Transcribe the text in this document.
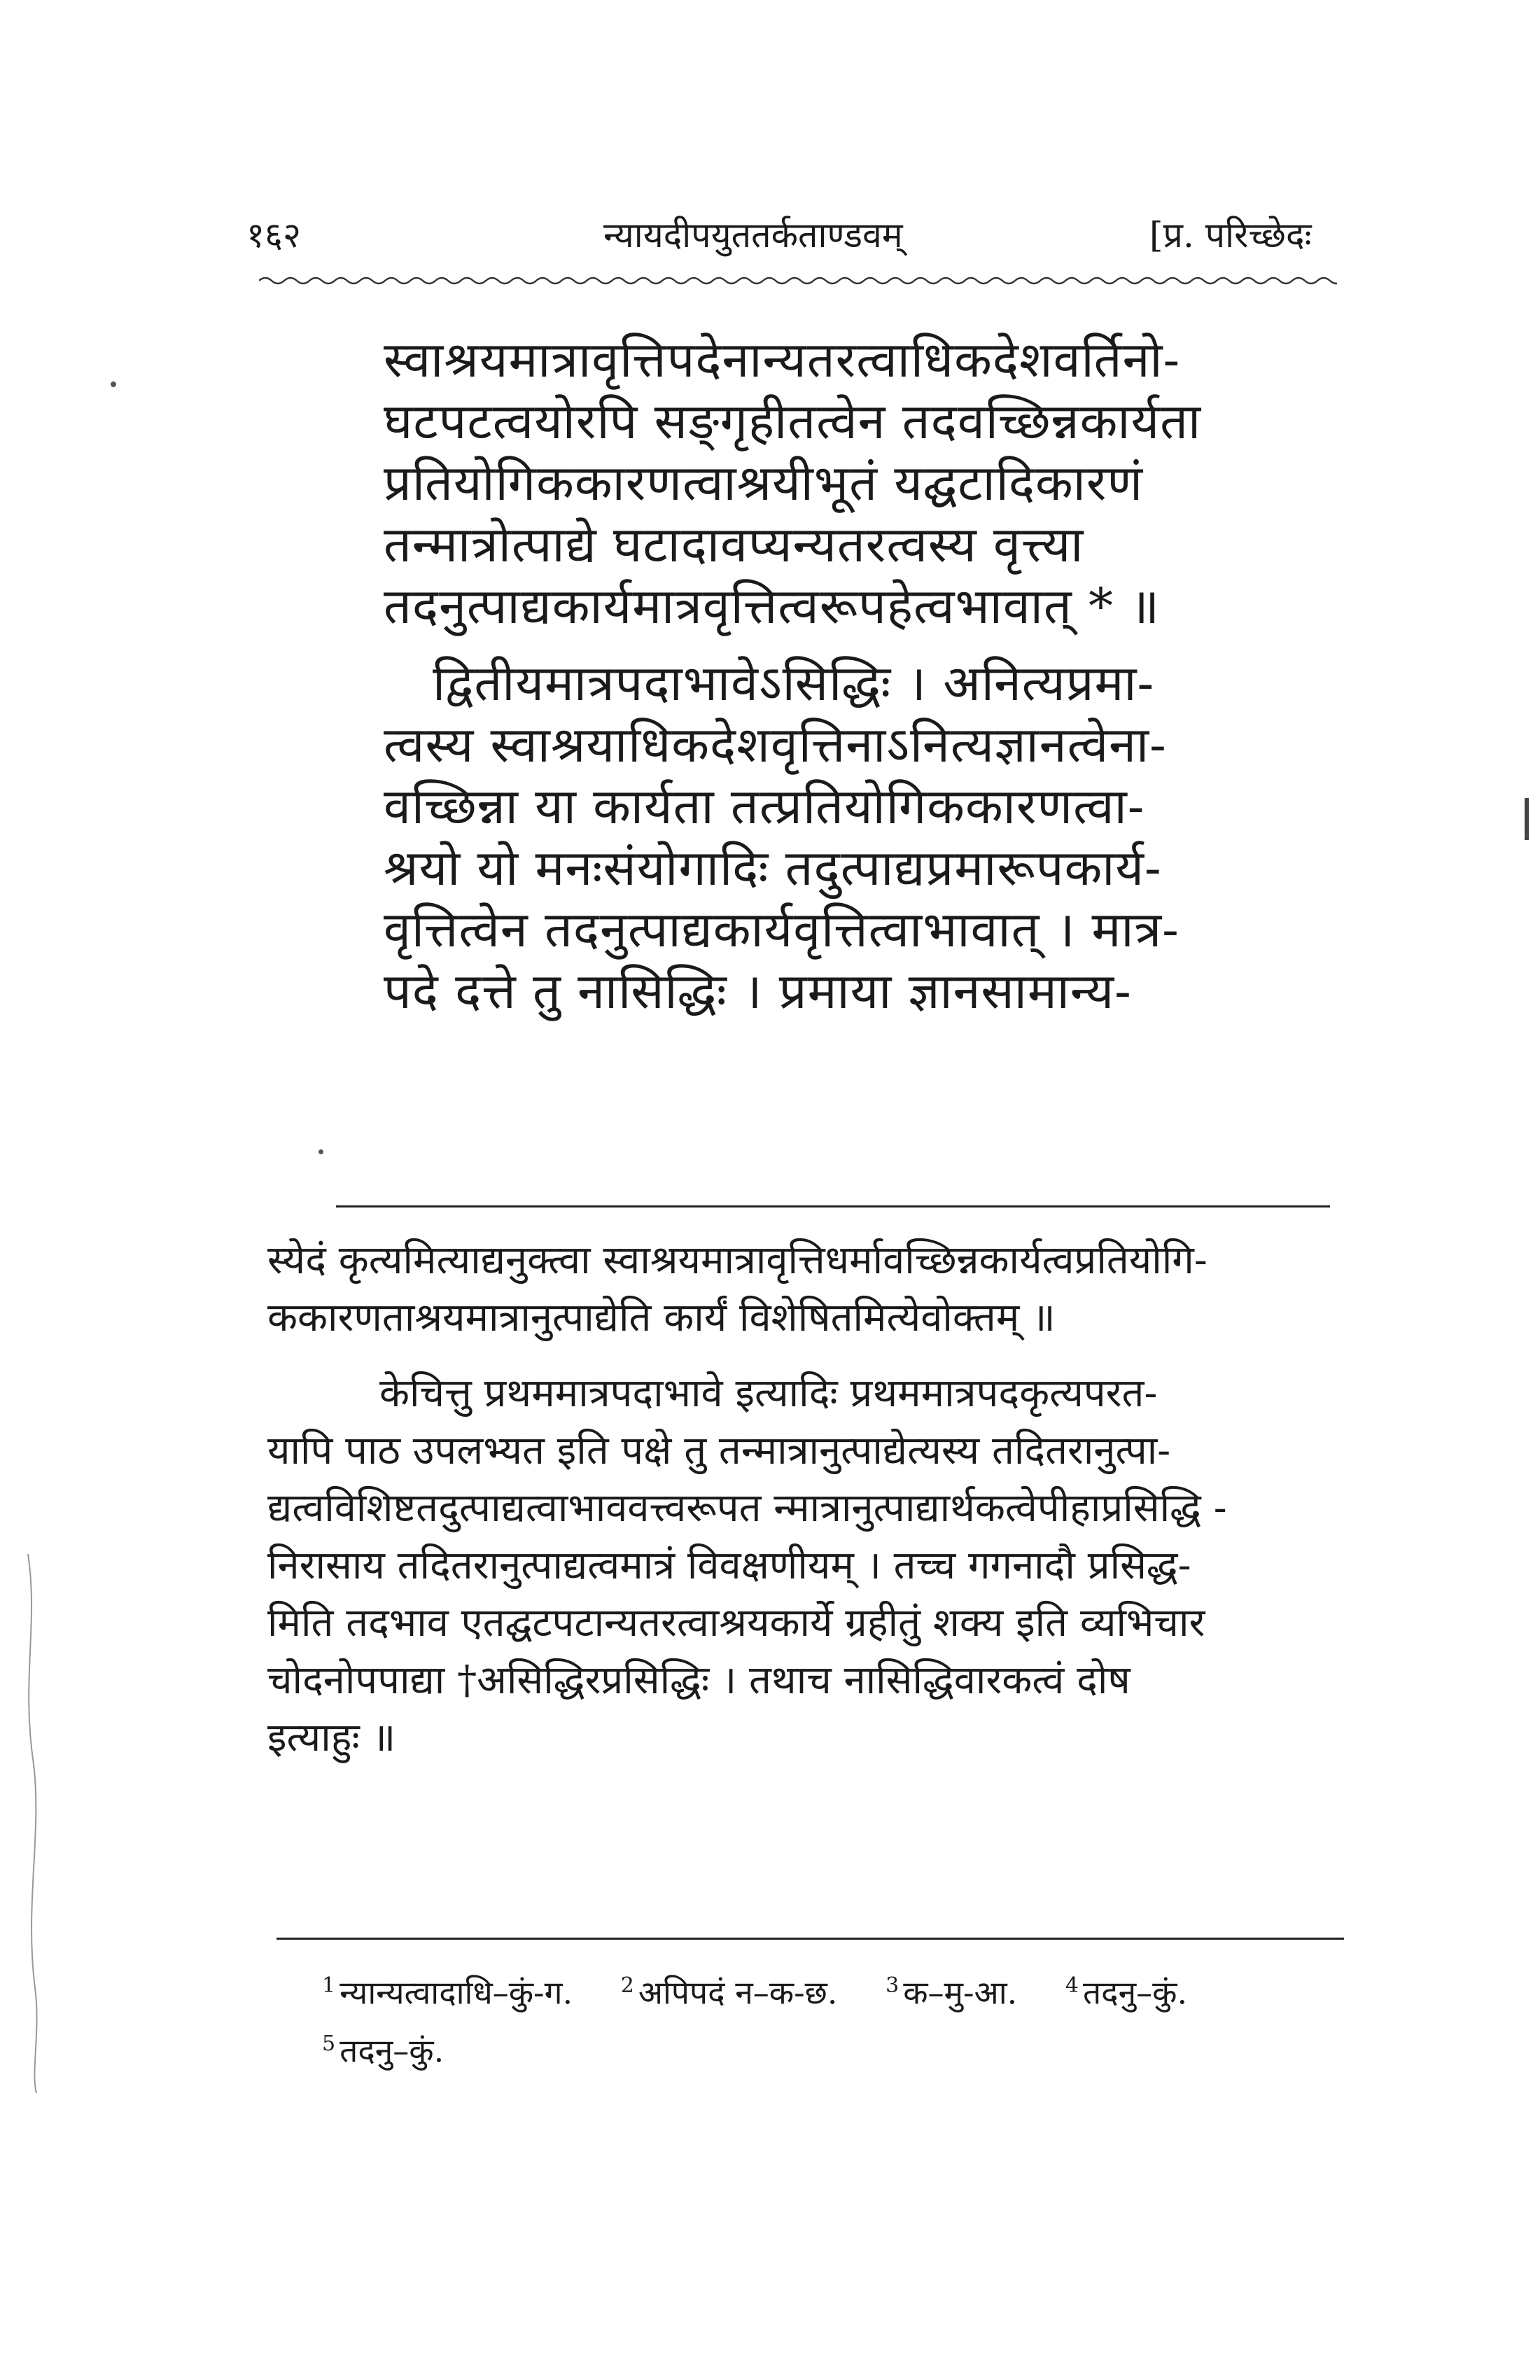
१६२	न्यायदीपयुततर्कताण्डवम्	[प्र. परिच्छेदः
स्वाश्रयमात्रावृत्तिपदेनान्यतरत्वाधिकदेशवर्तिनो-
घटपटत्वयोरपि सङ्गृहीतत्वेन तदवच्छिन्नकार्यता
प्रतियोगिककारणत्वाश्रयीभूतं यद्घटादिकारणं
तन्मात्रोत्पाद्ये घटादावप्यन्यतरत्वस्य वृत्त्या
तदनुत्पाद्यकार्यमात्रवृत्तित्वरूपहेत्वभावात् * ॥
द्वितीयमात्रपदाभावेऽसिद्धिः । अनित्यप्रमा-
त्वस्य स्वाश्रयाधिकदेशवृत्तिनाऽनित्यज्ञानत्वेना-
वच्छिन्ना या कार्यता तत्प्रतियोगिककारणत्वा-
श्रयो यो मनःसंयोगादिः तदुत्पाद्यप्रमारूपकार्य-
वृत्तित्वेन तदनुत्पाद्यकार्यवृत्तित्वाभावात् । मात्र-
पदे दत्ते तु नासिद्धिः । प्रमाया ज्ञानसामान्य-
स्येदं कृत्यमित्याद्यनुक्त्वा स्वाश्रयमात्रावृत्तिधर्मावच्छिन्नकार्यत्वप्रतियोगि-
ककारणताश्रयमात्रानुत्पाद्येति कार्यं विशेषितमित्येवोक्तम् ॥
केचित्तु प्रथममात्रपदाभावे इत्यादिः प्रथममात्रपदकृत्यपरत-
यापि पाठ उपलभ्यत इति पक्षे तु तन्मात्रानुत्पाद्येत्यस्य तदितरानुत्पा-
द्यत्वविशिष्टतदुत्पाद्यत्वाभाववत्त्वरूपत न्मात्रानुत्पाद्यार्थकत्वेपीहाप्रसिद्धि -
निरासाय तदितरानुत्पाद्यत्वमात्रं विवक्षणीयम् । तच्च गगनादौ प्रसिद्ध-
मिति तदभाव एतद्घटपटान्यतरत्वाश्रयकार्ये ग्रहीतुं शक्य इति व्यभिचार
चोदनोपपाद्या †असिद्धिरप्रसिद्धिः । तथाच नासिद्धिवारकत्वं दोष
इत्याहुः ॥
$^1$ न्यान्यत्वादाधि–कुं-ग. $^2$ अपिपदं न–क-छ. $^3$ क–मु-आ. $^4$ तदनु–कुं.
$^5$ तदनु–कुं.
